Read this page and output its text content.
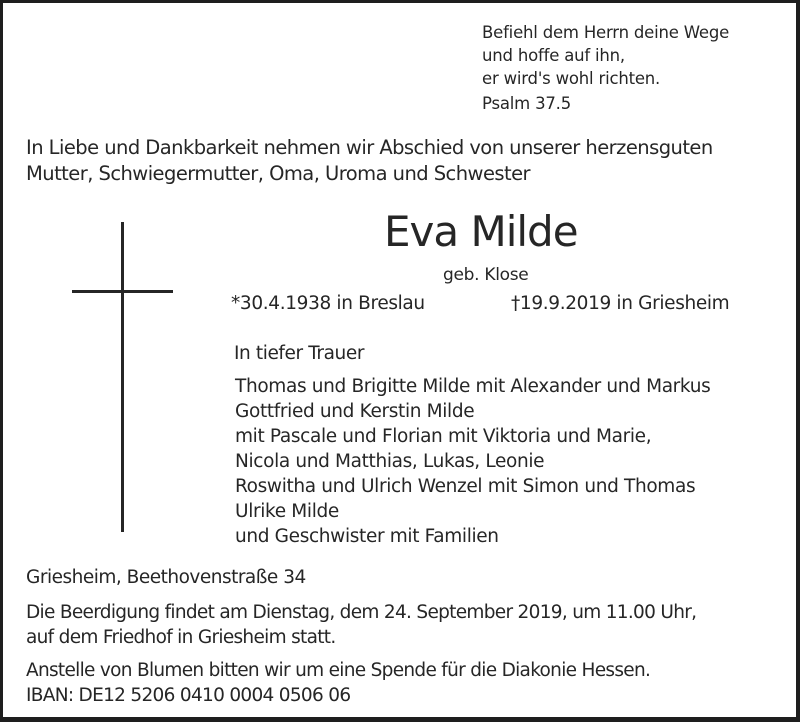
Befiehl dem Herrn deine Wege
und hoffe auf ihn,
er wird's wohl richten.
Psalm 37.5
In Liebe und Dankbarkeit nehmen wir Abschied von unserer herzensguten
Mutter, Schwiegermutter, Oma, Uroma und Schwester
Eva Milde
geb. Klose
*30.4.1938 in Breslau	†19.9.2019 in Griesheim
In tiefer Trauer
Thomas und Brigitte Milde mit Alexander und Markus
Gottfried und Kerstin Milde
mit Pascale und Florian mit Viktoria und Marie,
Nicola und Matthias, Lukas, Leonie
Roswitha und Ulrich Wenzel mit Simon und Thomas
Ulrike Milde
und Geschwister mit Familien
Griesheim, Beethovenstraße 34
Die Beerdigung findet am Dienstag, dem 24. September 2019, um 11.00 Uhr,
auf dem Friedhof in Griesheim statt.
Anstelle von Blumen bitten wir um eine Spende für die Diakonie Hessen.
IBAN: DE12 5206 0410 0004 0506 06
